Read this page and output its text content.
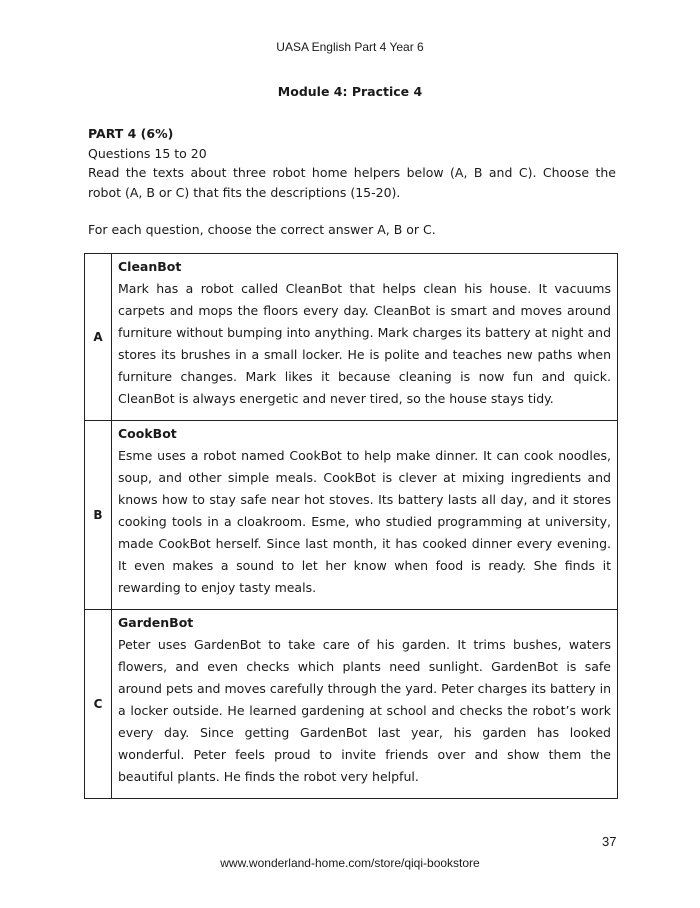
UASA English Part 4 Year 6
Module 4: Practice 4

PART 4 (6%)

Questions 15 to 20

Read the texts about three robot home helpers below (A, B and C). Choose the robot (A, B or C) that fits the descriptions (15-20).

For each question, choose the correct answer A, B or C.

A	CleanBot
Mark has a robot called CleanBot that helps clean his house. It vacuums carpets and mops the floors every day. CleanBot is smart and moves around furniture without bumping into anything. Mark charges its battery at night and stores its brushes in a small locker. He is polite and teaches new paths when furniture changes. Mark likes it because cleaning is now fun and quick. CleanBot is always energetic and never tired, so the house stays tidy.

B	CookBot
Esme uses a robot named CookBot to help make dinner. It can cook noodles, soup, and other simple meals. CookBot is clever at mixing ingredients and knows how to stay safe near hot stoves. Its battery lasts all day, and it stores cooking tools in a cloakroom. Esme, who studied programming at university, made CookBot herself. Since last month, it has cooked dinner every evening. It even makes a sound to let her know when food is ready. She finds it rewarding to enjoy tasty meals.

C	GardenBot
Peter uses GardenBot to take care of his garden. It trims bushes, waters flowers, and even checks which plants need sunlight. GardenBot is safe around pets and moves carefully through the yard. Peter charges its battery in a locker outside. He learned gardening at school and checks the robot’s work every day. Since getting GardenBot last year, his garden has looked wonderful. Peter feels proud to invite friends over and show them the beautiful plants. He finds the robot very helpful.
37
www.wonderland-home.com/store/qiqi-bookstore
